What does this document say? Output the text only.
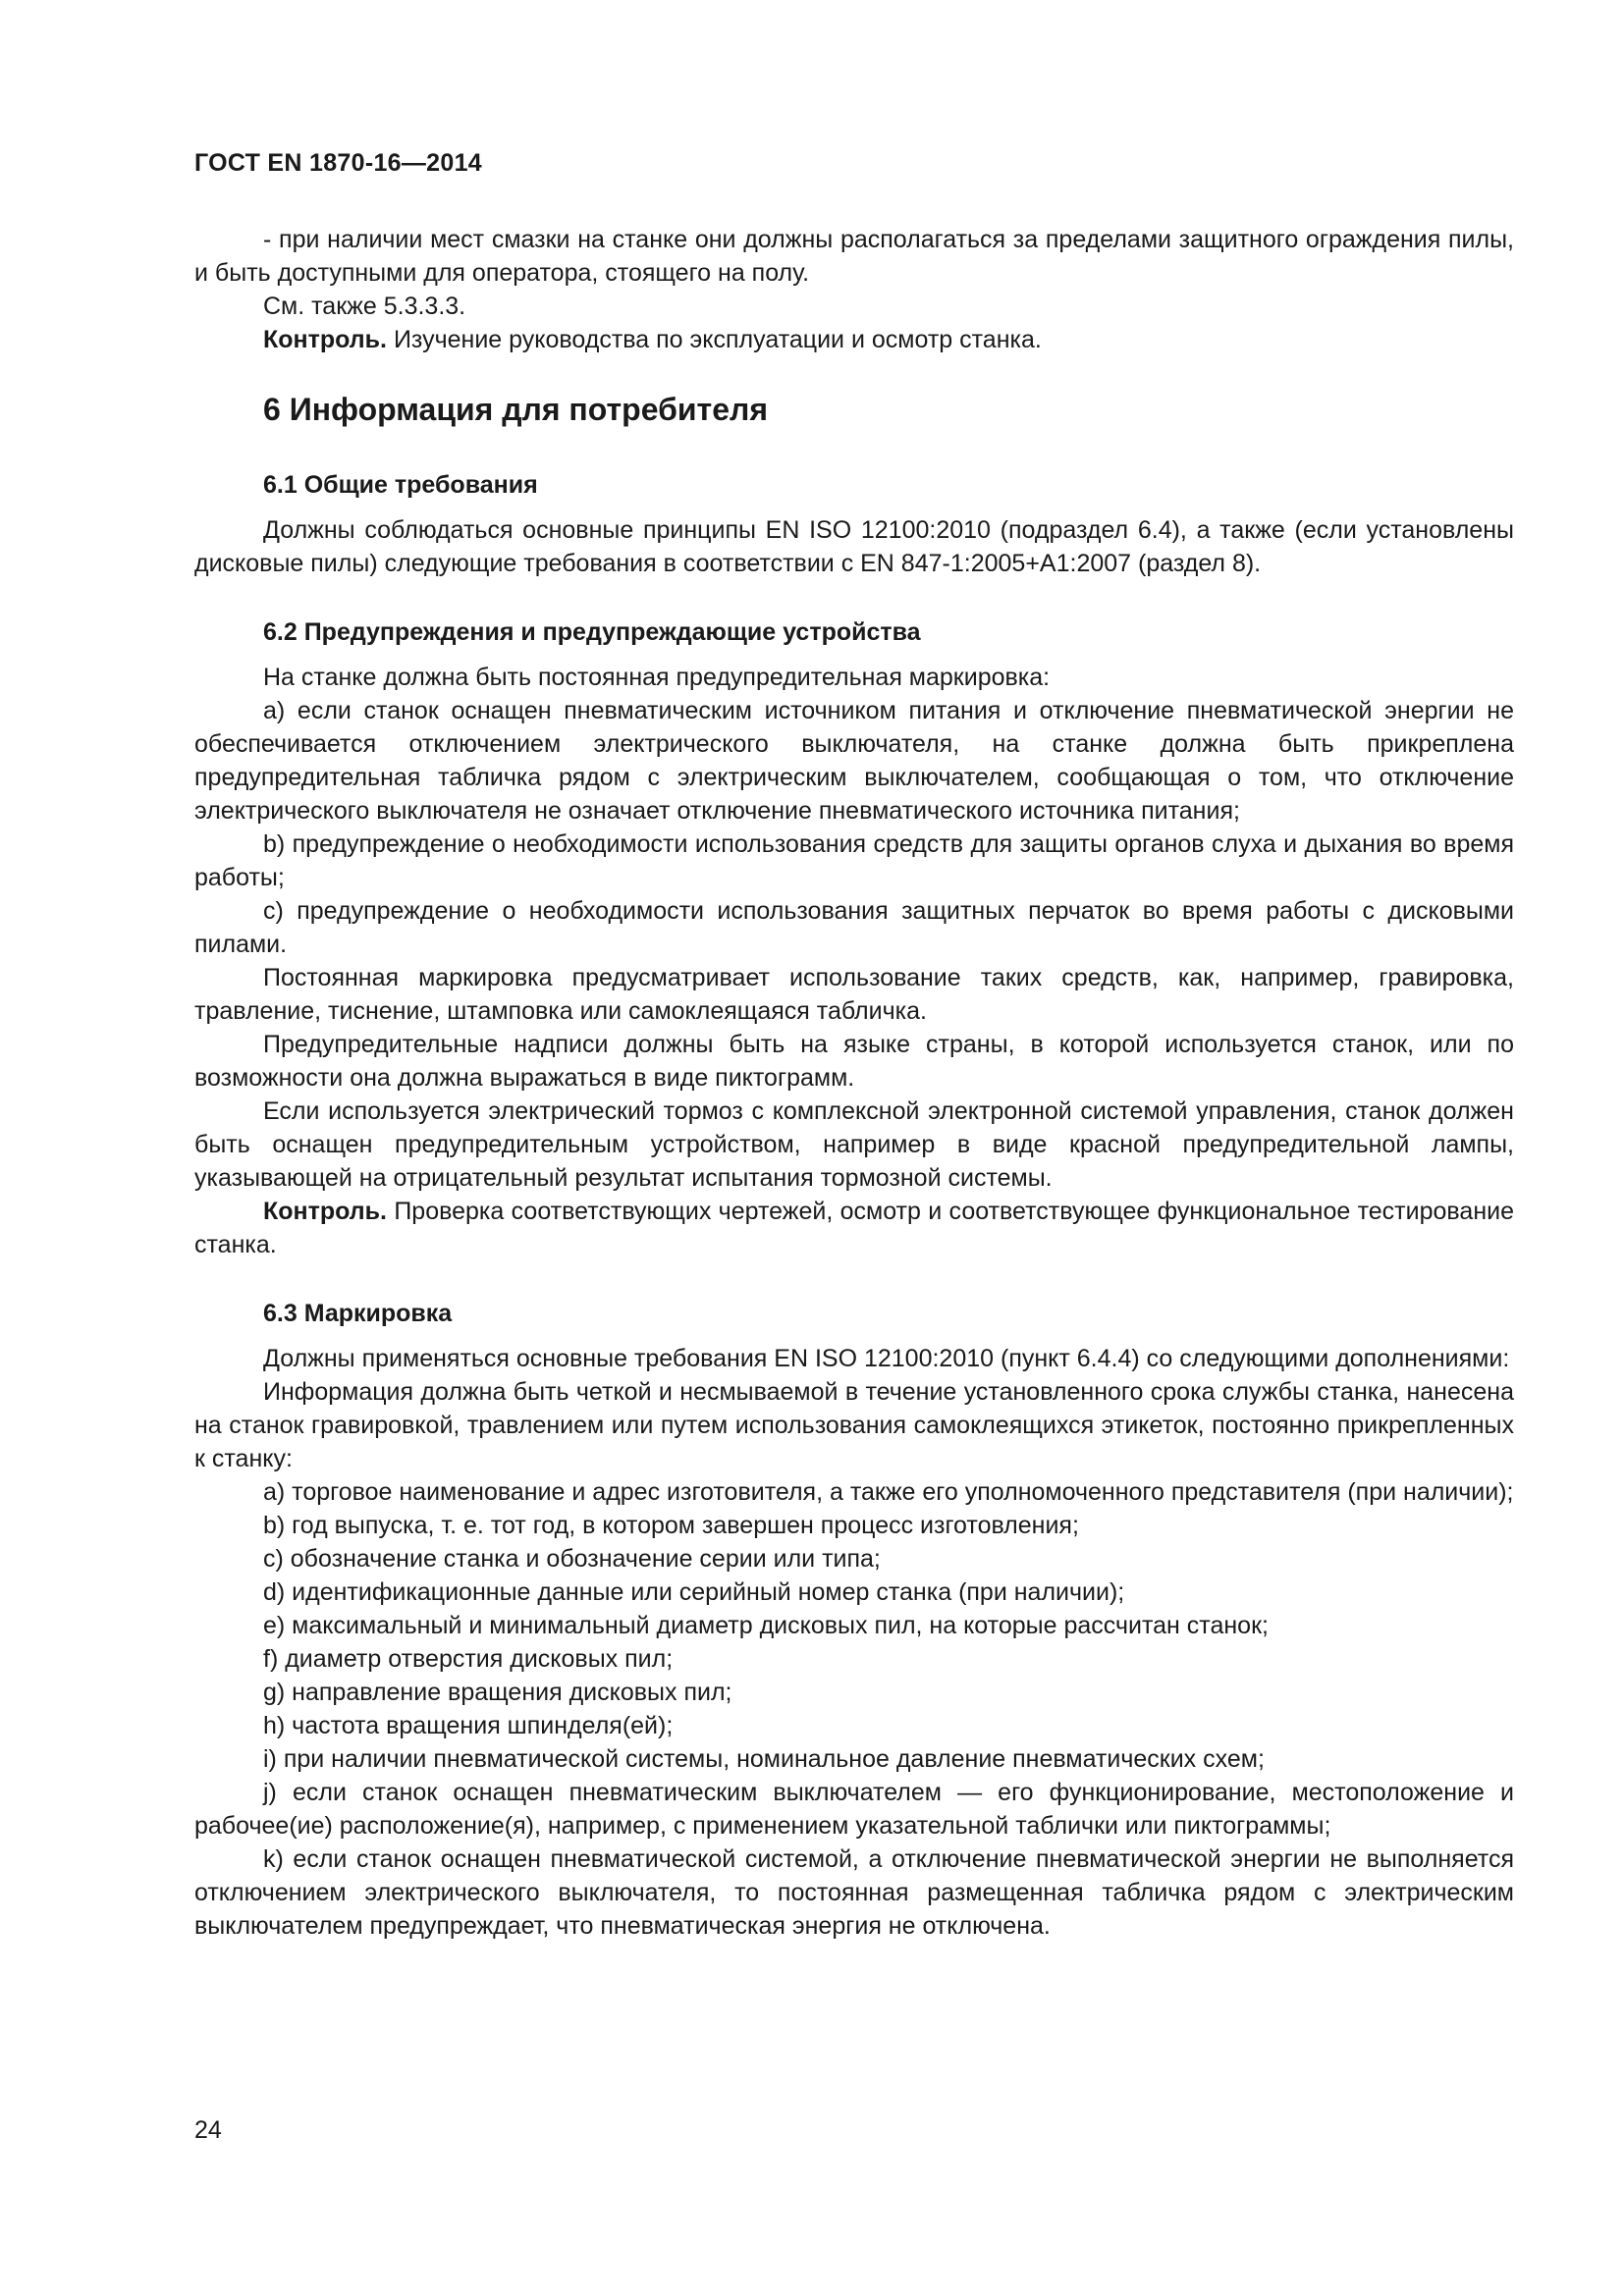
ГОСТ EN 1870-16—2014

- при наличии мест смазки на станке они должны располагаться за пределами защитного ограждения пилы, и быть доступными для оператора, стоящего на полу.

См. также 5.3.3.3.

Контроль. Изучение руководства по эксплуатации и осмотр станка.

6 Информация для потребителя
6.1 Общие требования

Должны соблюдаться основные принципы EN ISO 12100:2010 (подраздел 6.4), а также (если установлены дисковые пилы) следующие требования в соответствии с EN 847-1:2005+A1:2007 (раздел 8).

6.2 Предупреждения и предупреждающие устройства

На станке должна быть постоянная предупредительная маркировка:

a) если станок оснащен пневматическим источником питания и отключение пневматической энергии не обеспечивается отключением электрического выключателя, на станке должна быть прикреплена предупредительная табличка рядом с электрическим выключателем, сообщающая о том, что отключение электрического выключателя не означает отключение пневматического источника питания;

b) предупреждение о необходимости использования средств для защиты органов слуха и дыхания во время работы;

c) предупреждение о необходимости использования защитных перчаток во время работы с дисковыми пилами.

Постоянная маркировка предусматривает использование таких средств, как, например, гравировка, травление, тиснение, штамповка или самоклеящаяся табличка.

Предупредительные надписи должны быть на языке страны, в которой используется станок, или по возможности она должна выражаться в виде пиктограмм.

Если используется электрический тормоз с комплексной электронной системой управления, станок должен быть оснащен предупредительным устройством, например в виде красной предупредительной лампы, указывающей на отрицательный результат испытания тормозной системы.

Контроль. Проверка соответствующих чертежей, осмотр и соответствующее функциональное тестирование станка.

6.3 Маркировка

Должны применяться основные требования EN ISO 12100:2010 (пункт 6.4.4) со следующими дополнениями:

Информация должна быть четкой и несмываемой в течение установленного срока службы станка, нанесена на станок гравировкой, травлением или путем использования самоклеящихся этикеток, постоянно прикрепленных к станку:

a) торговое наименование и адрес изготовителя, а также его уполномоченного представителя (при наличии);

b) год выпуска, т. е. тот год, в котором завершен процесс изготовления;

c) обозначение станка и обозначение серии или типа;

d) идентификационные данные или серийный номер станка (при наличии);

e) максимальный и минимальный диаметр дисковых пил, на которые рассчитан станок;

f) диаметр отверстия дисковых пил;

g) направление вращения дисковых пил;

h) частота вращения шпинделя(ей);

i) при наличии пневматической системы, номинальное давление пневматических схем;

j) если станок оснащен пневматическим выключателем — его функционирование, местоположение и рабочее(ие) расположение(я), например, с применением указательной таблички или пиктограммы;

k) если станок оснащен пневматической системой, а отключение пневматической энергии не выполняется отключением электрического выключателя, то постоянная размещенная табличка рядом с электрическим выключателем предупреждает, что пневматическая энергия не отключена.

24
